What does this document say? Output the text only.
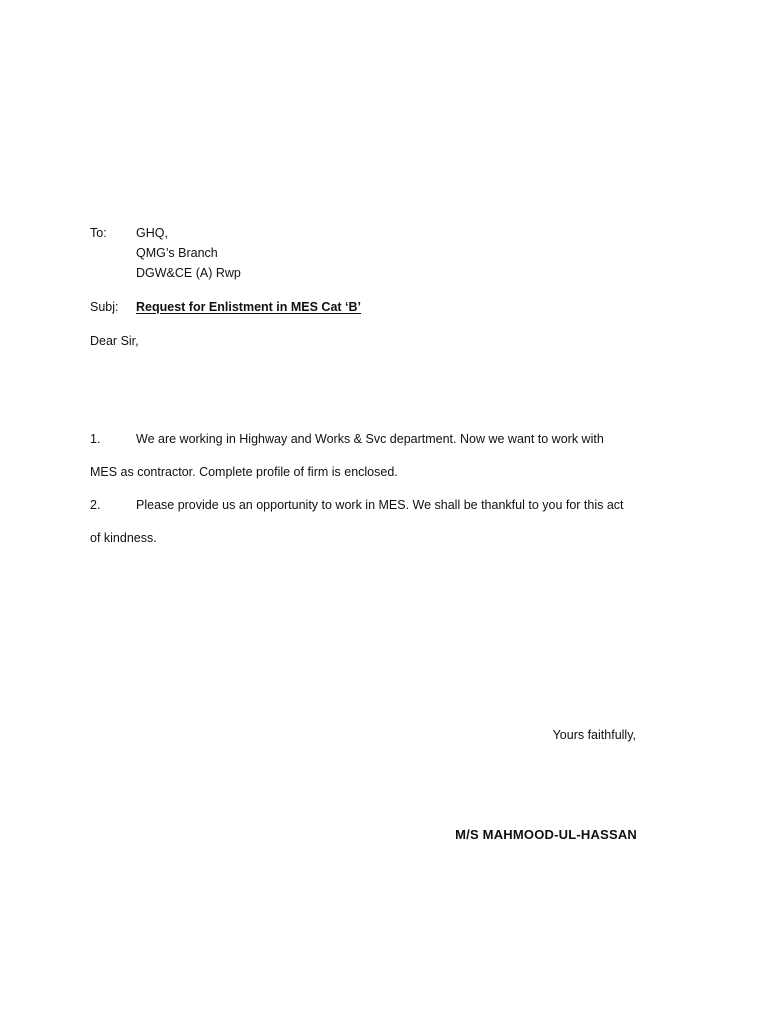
To: GHQ,
QMG’s Branch
DGW&CE (A) Rwp
Subj: Request for Enlistment in MES Cat ‘B’
Dear Sir,
1.	We are working in Highway and Works & Svc department. Now we want to work with
MES as contractor. Complete profile of firm is enclosed.
2.	Please provide us an opportunity to work in MES. We shall be thankful to you for this act
of kindness.
Yours faithfully,
M/S MAHMOOD-UL-HASSAN
